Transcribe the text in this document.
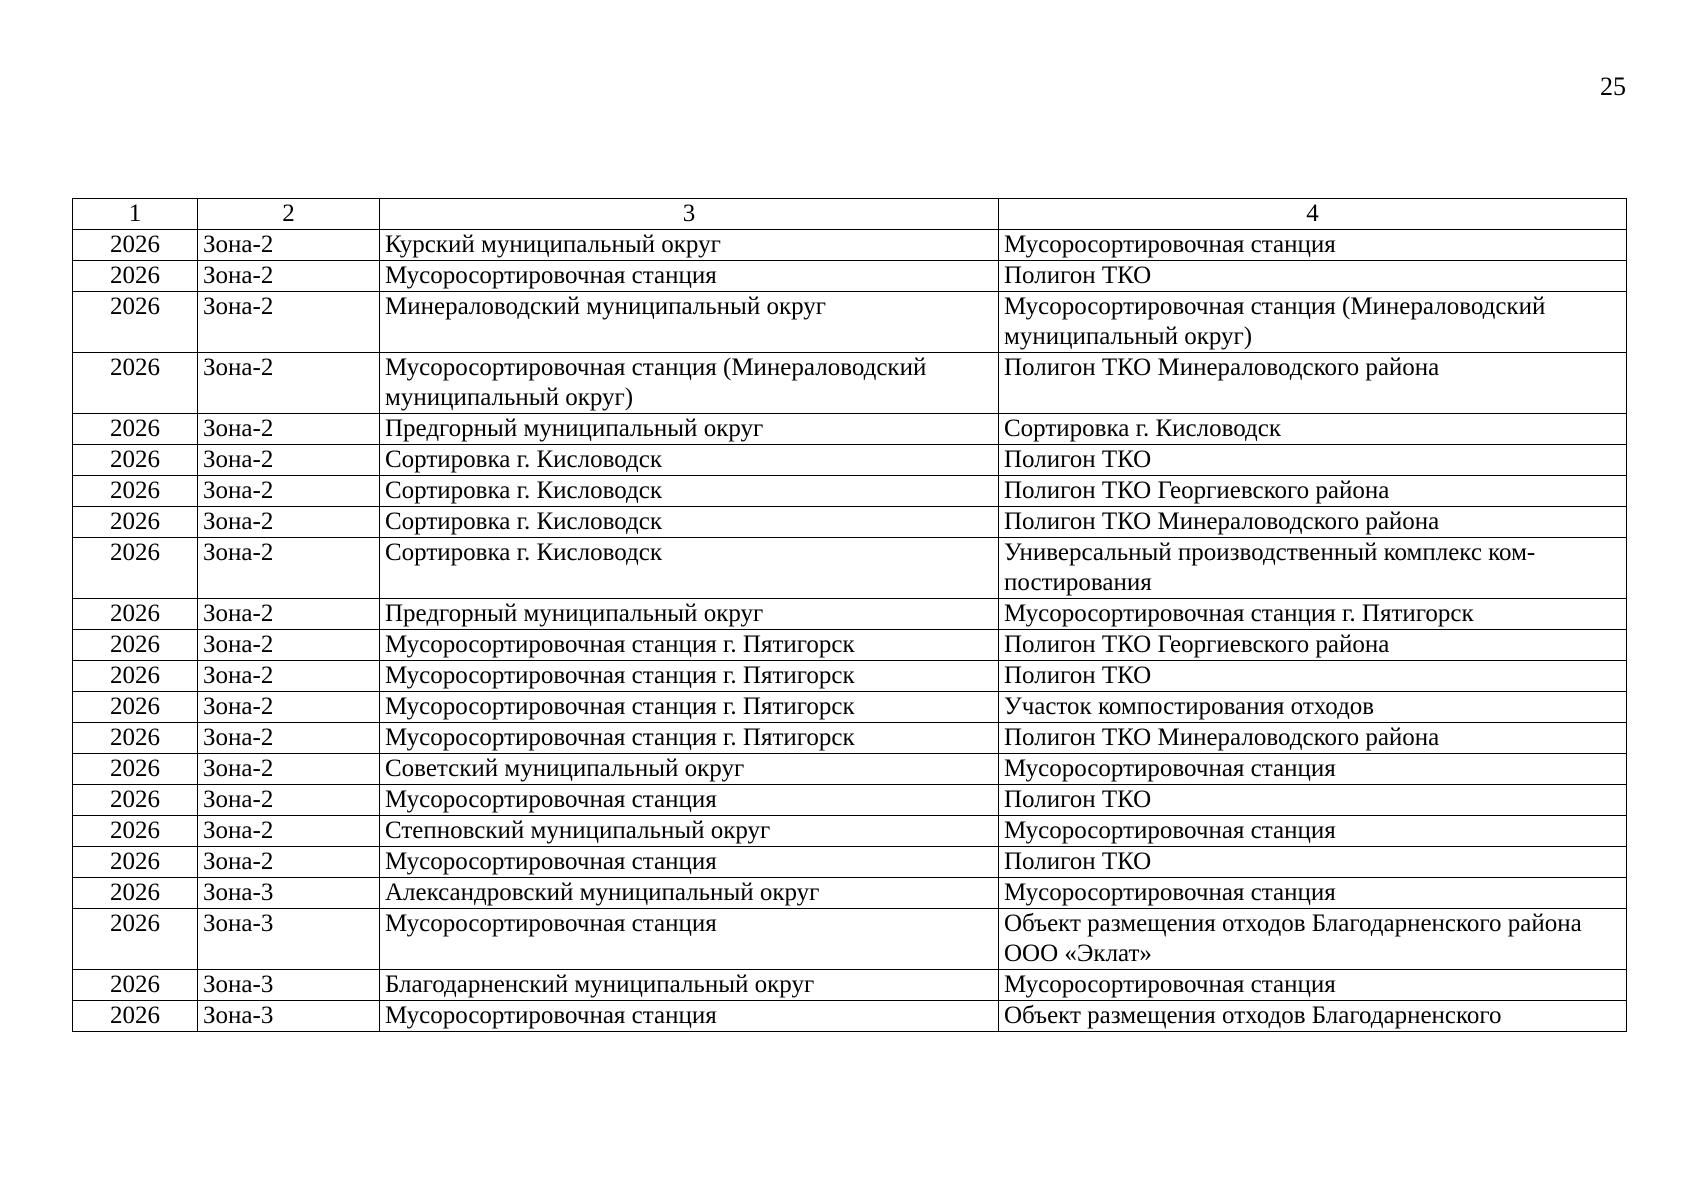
25
1	2	3	4
2026	Зона-2	Курский муниципальный округ	Мусоросортировочная станция
2026	Зона-2	Мусоросортировочная станция	Полигон ТКО
2026	Зона-2	Минераловодский муниципальный округ	Мусоросортировочная станция (Минераловодский муниципальный округ)
2026	Зона-2	Мусоросортировочная станция (Минераловодский муниципальный округ)	Полигон ТКО Минераловодского района
2026	Зона-2	Предгорный муниципальный округ	Сортировка г. Кисловодск
2026	Зона-2	Сортировка г. Кисловодск	Полигон ТКО
2026	Зона-2	Сортировка г. Кисловодск	Полигон ТКО Георгиевского района
2026	Зона-2	Сортировка г. Кисловодск	Полигон ТКО Минераловодского района
2026	Зона-2	Сортировка г. Кисловодск	Универсальный производственный комплекс ком-постирования
2026	Зона-2	Предгорный муниципальный округ	Мусоросортировочная станция г. Пятигорск
2026	Зона-2	Мусоросортировочная станция г. Пятигорск	Полигон ТКО Георгиевского района
2026	Зона-2	Мусоросортировочная станция г. Пятигорск	Полигон ТКО
2026	Зона-2	Мусоросортировочная станция г. Пятигорск	Участок компостирования отходов
2026	Зона-2	Мусоросортировочная станция г. Пятигорск	Полигон ТКО Минераловодского района
2026	Зона-2	Советский муниципальный округ	Мусоросортировочная станция
2026	Зона-2	Мусоросортировочная станция	Полигон ТКО
2026	Зона-2	Степновский муниципальный округ	Мусоросортировочная станция
2026	Зона-2	Мусоросортировочная станция	Полигон ТКО
2026	Зона-3	Александровский муниципальный округ	Мусоросортировочная станция
2026	Зона-3	Мусоросортировочная станция	Объект размещения отходов Благодарненского района ООО «Эклат»
2026	Зона-3	Благодарненский муниципальный округ	Мусоросортировочная станция
2026	Зона-3	Мусоросортировочная станция	Объект размещения отходов Благодарненского
